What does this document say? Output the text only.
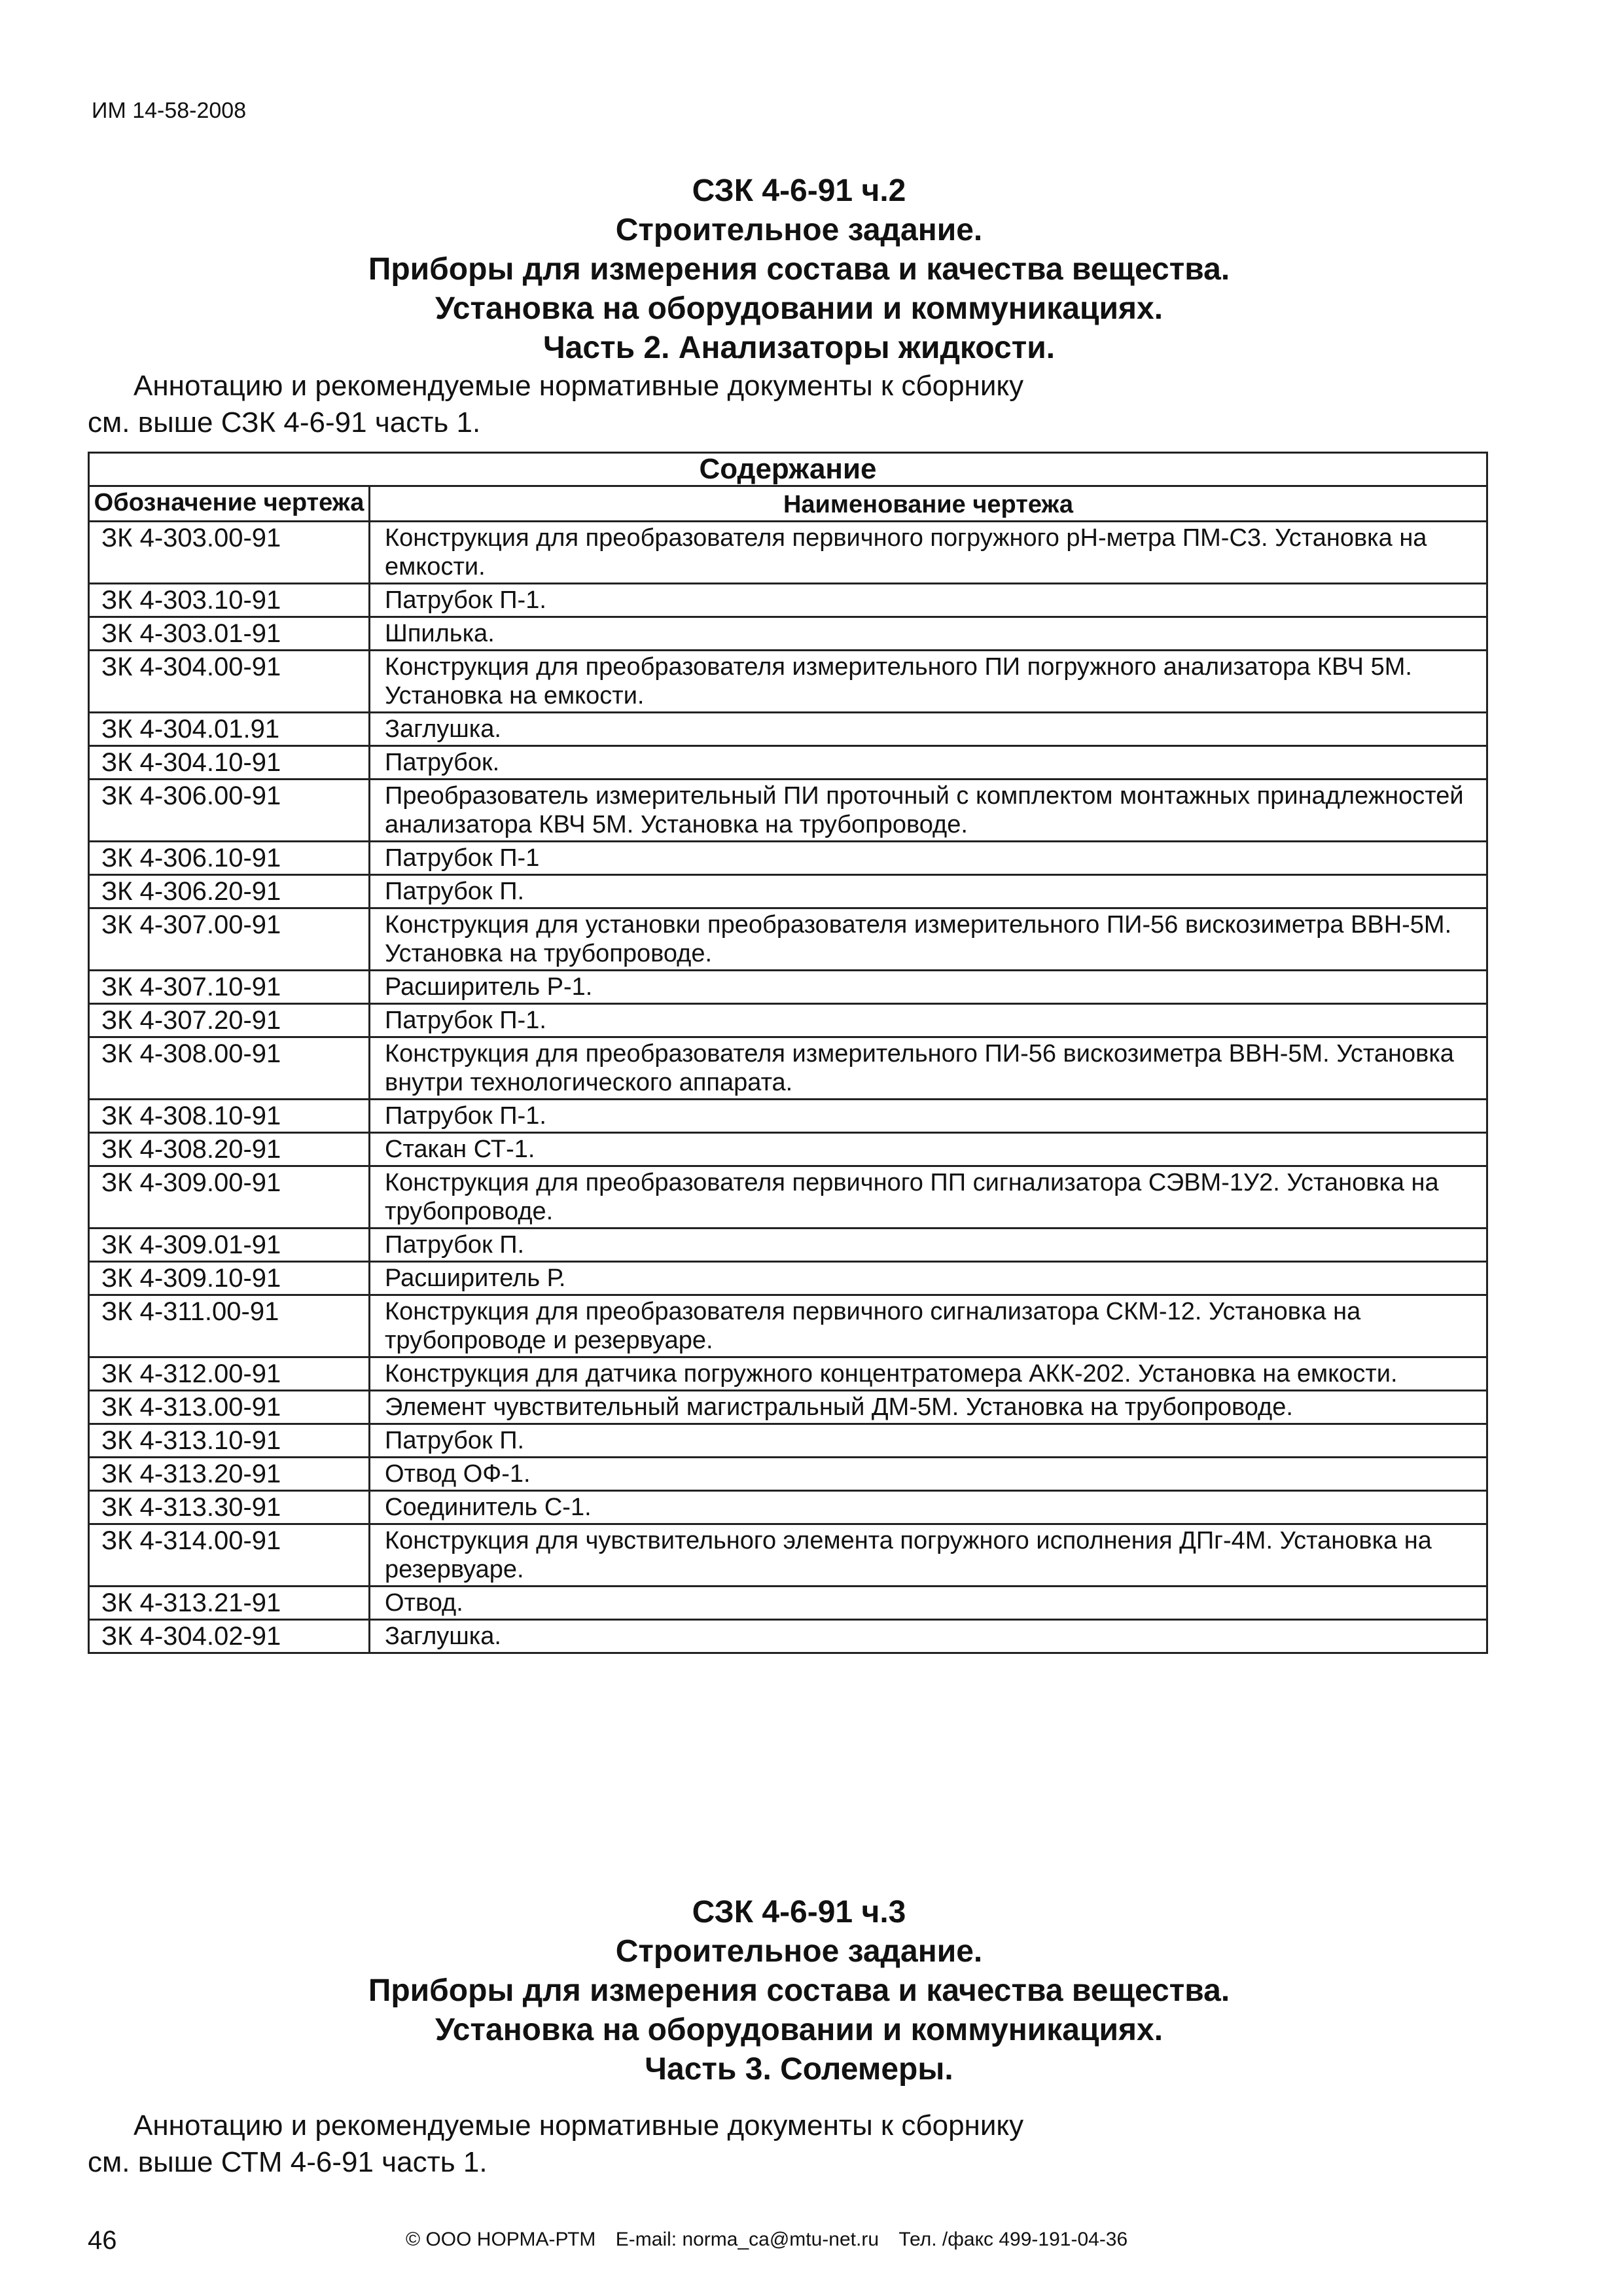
ИМ 14-58-2008
СЗК 4-6-91 ч.2
Строительное задание.
Приборы для измерения состава и качества вещества.
Установка на оборудовании и коммуникациях.
Часть 2. Анализаторы жидкости.
Аннотацию и рекомендуемые нормативные документы к сборнику
см. выше СЗК 4-6-91 часть 1.
Содержание	
Обозначение чертежа	Наименование чертежа
ЗК 4-303.00-91	Конструкция для преобразователя первичного погружного рН-метра ПМ-С3. Установка на емкости.
ЗК 4-303.10-91	Патрубок П-1.
ЗК 4-303.01-91	Шпилька.
ЗК 4-304.00-91	Конструкция для преобразователя измерительного ПИ погружного анализатора КВЧ 5М. Установка на емкости.
ЗК 4-304.01.91	Заглушка.
ЗК 4-304.10-91	Патрубок.
ЗК 4-306.00-91	Преобразователь измерительный ПИ проточный с комплектом монтажных принадлежностей анализатора КВЧ 5М. Установка на трубопроводе.
ЗК 4-306.10-91	Патрубок П-1
ЗК 4-306.20-91	Патрубок П.
ЗК 4-307.00-91	Конструкция для установки преобразователя измерительного ПИ-56 вискозиметра ВВН-5М. Установка на трубопроводе.
ЗК 4-307.10-91	Расширитель Р-1.
ЗК 4-307.20-91	Патрубок П-1.
ЗК 4-308.00-91	Конструкция для преобразователя измерительного ПИ-56 вискозиметра ВВН-5М. Установка внутри технологического аппарата.
ЗК 4-308.10-91	Патрубок П-1.
ЗК 4-308.20-91	Стакан СТ-1.
ЗК 4-309.00-91	Конструкция для преобразователя первичного ПП сигнализатора СЭВМ-1У2. Установка на трубопроводе.
ЗК 4-309.01-91	Патрубок П.
ЗК 4-309.10-91	Расширитель Р.
ЗК 4-311.00-91	Конструкция для преобразователя первичного сигнализатора СКМ-12. Установка на трубопроводе и резервуаре.
ЗК 4-312.00-91	Конструкция для датчика погружного концентратомера АКК-202. Установка на емкости.
ЗК 4-313.00-91	Элемент чувствительный магистральный ДМ-5М. Установка на трубопроводе.
ЗК 4-313.10-91	Патрубок П.
ЗК 4-313.20-91	Отвод ОФ-1.
ЗК 4-313.30-91	Соединитель С-1.
ЗК 4-314.00-91	Конструкция для чувствительного элемента погружного исполнения ДПг-4М. Установка на резервуаре.
ЗК 4-313.21-91	Отвод.
ЗК 4-304.02-91	Заглушка.
СЗК 4-6-91 ч.3
Строительное задание.
Приборы для измерения состава и качества вещества.
Установка на оборудовании и коммуникациях.
Часть 3. Солемеры.
Аннотацию и рекомендуемые нормативные документы к сборнику
см. выше СТМ 4-6-91 часть 1.
46	© ООО НОРМА-РТМ E-mail: norma_ca@mtu-net.ru Тел. /факс 499-191-04-36
